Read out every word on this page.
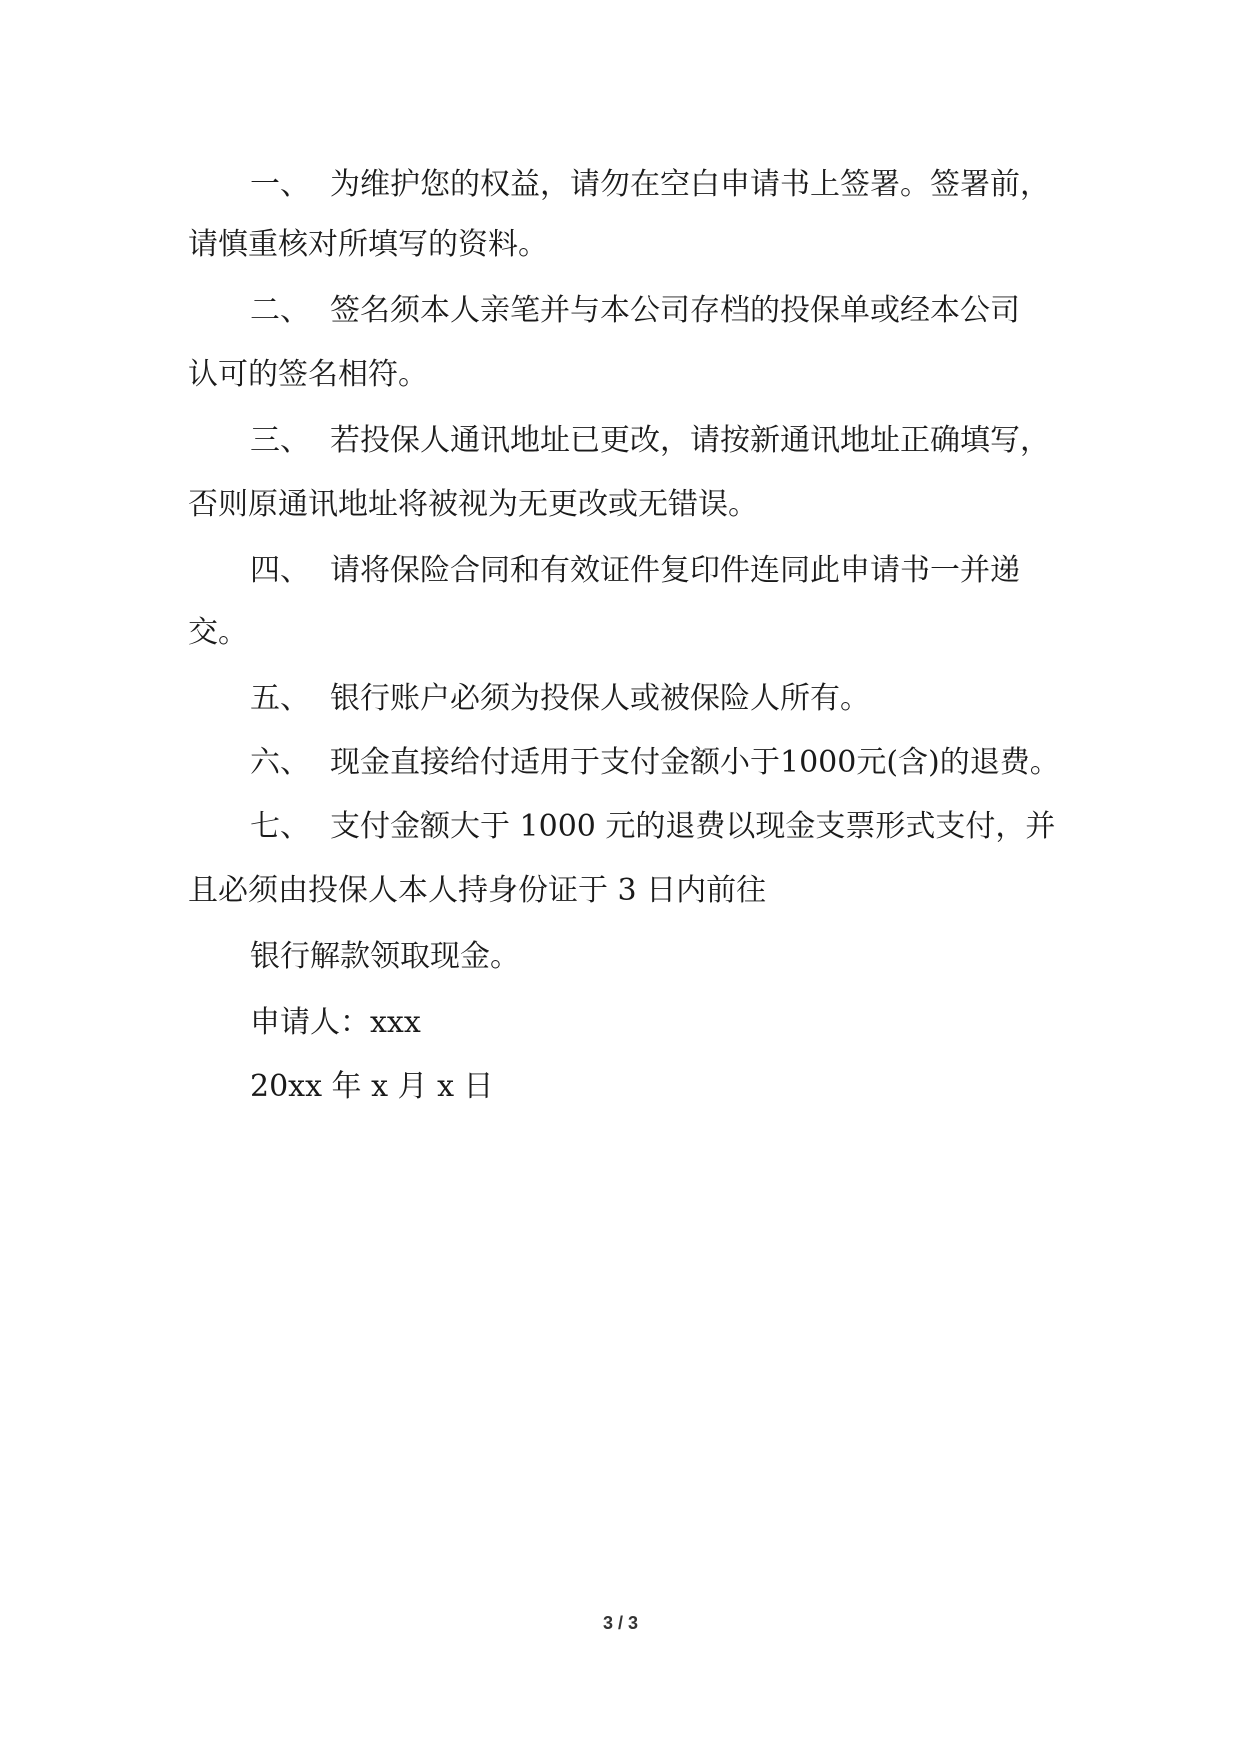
一、 为维护您的权益，请勿在空白申请书上签署。签署前，
请慎重核对所填写的资料。
二、 签名须本人亲笔并与本公司存档的投保单或经本公司
认可的签名相符。
三、 若投保人通讯地址已更改，请按新通讯地址正确填写，
否则原通讯地址将被视为无更改或无错误。
四、 请将保险合同和有效证件复印件连同此申请书一并递
交。
五、 银行账户必须为投保人或被保险人所有。
六、 现金直接给付适用于支付金额小于1000元(含)的退费。
七、 支付金额大于 1000 元的退费以现金支票形式支付，并
且必须由投保人本人持身份证于 3 日内前往
银行解款领取现金。
申请人：xxx
20xx 年 x 月 x 日
3 / 3
